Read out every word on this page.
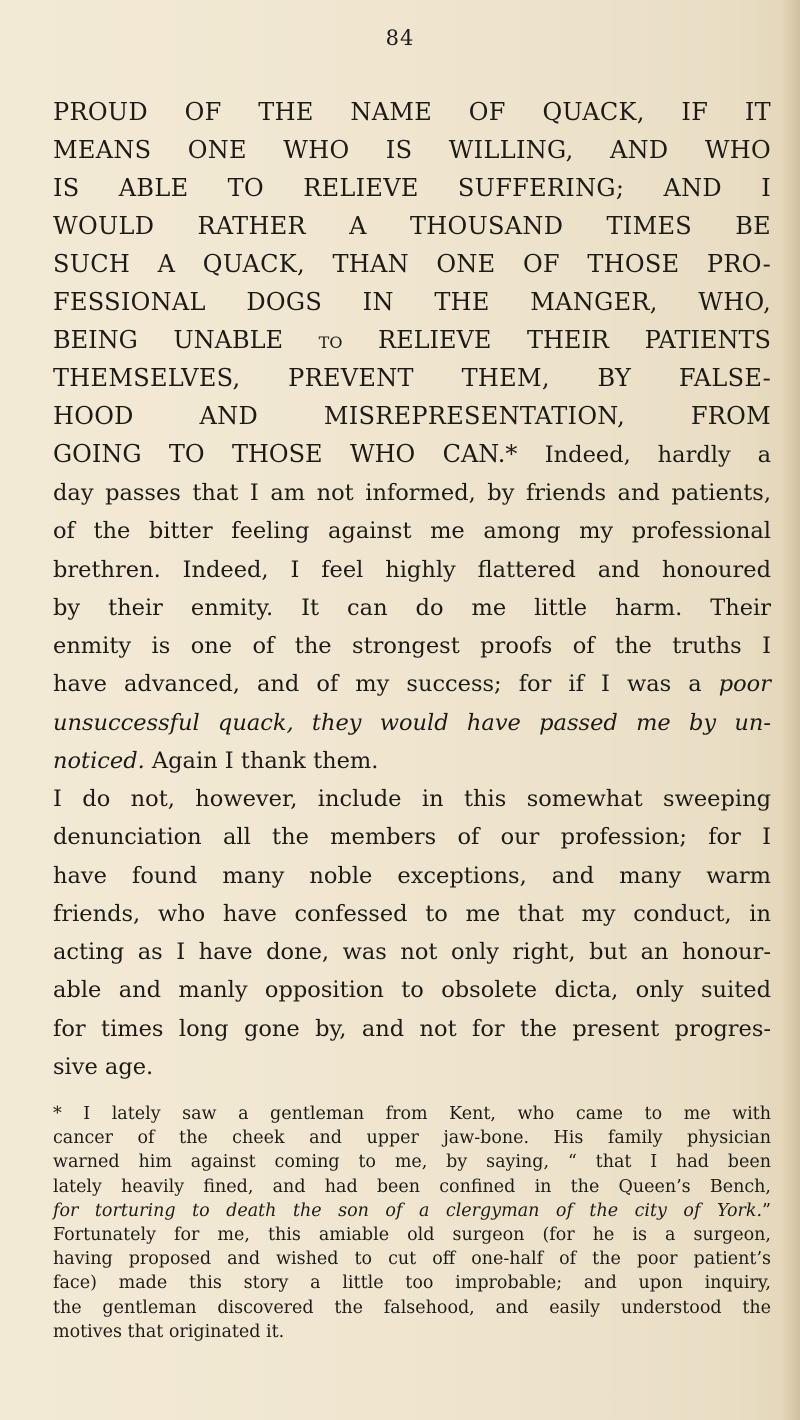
84
PROUD OF THE NAME OF QUACK, IF IT
MEANS ONE WHO IS WILLING, AND WHO
IS ABLE TO RELIEVE SUFFERING; AND I
WOULD RATHER A THOUSAND TIMES BE
SUCH A QUACK, THAN ONE OF THOSE PRO-
FESSIONAL DOGS IN THE MANGER, WHO,
BEING UNABLE TO RELIEVE THEIR PATIENTS
THEMSELVES, PREVENT THEM, BY FALSE-
HOOD AND MISREPRESENTATION, FROM
GOING TO THOSE WHO CAN.* Indeed, hardly a
day passes that I am not informed, by friends and patients,
of the bitter feeling against me among my professional
brethren. Indeed, I feel highly flattered and honoured
by their enmity. It can do me little harm. Their
enmity is one of the strongest proofs of the truths I
have advanced, and of my success; for if I was a poor
unsuccessful quack, they would have passed me by un-
noticed. Again I thank them.
I do not, however, include in this somewhat sweeping
denunciation all the members of our profession; for I
have found many noble exceptions, and many warm
friends, who have confessed to me that my conduct, in
acting as I have done, was not only right, but an honour-
able and manly opposition to obsolete dicta, only suited
for times long gone by, and not for the present progres-
sive age.
* I lately saw a gentleman from Kent, who came to me with
cancer of the cheek and upper jaw-bone. His family physician
warned him against coming to me, by saying, “ that I had been
lately heavily fined, and had been confined in the Queen’s Bench,
for torturing to death the son of a clergyman of the city of York.”
Fortunately for me, this amiable old surgeon (for he is a surgeon,
having proposed and wished to cut off one-half of the poor patient’s
face) made this story a little too improbable; and upon inquiry,
the gentleman discovered the falsehood, and easily understood the
motives that originated it.
